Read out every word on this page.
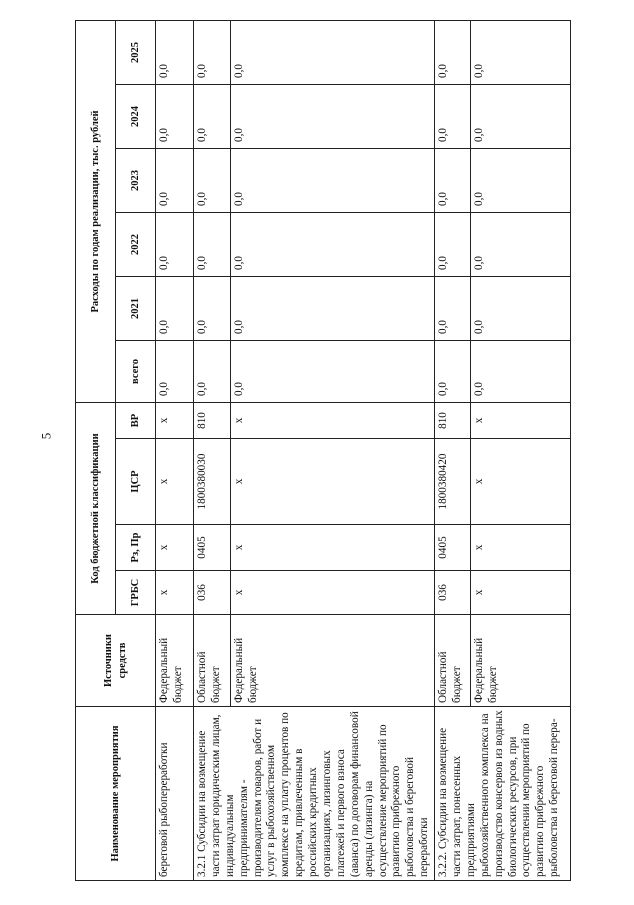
5
Наименование мероприятия	Источники средств	Код бюджетной классификации				Расходы по годам реализации, тыс. рублей					
		ГРБС	Рз, Пр	ЦСР	ВР	всего	2021	2022	2023	2024	2025
береговой рыбопереработки	Федеральный бюджет	х	х	х	х	0,0	0,0	0,0	0,0	0,0	0,0
3.2.1 Субсидии на возмещение части затрат юридическим лицам, индивидуальным предпринимателям - производителям товаров, работ и услуг в рыбохозяйственном комплексе на уплату процентов по кредитам, привлеченным в российских кредитных организациях, лизинговых платежей и первого взноса (аванса) по договорам финансовой аренды (лизинга) на осуществление мероприятий по развитию прибрежного рыболовства и береговой переработки	Областной бюджет	036	0405	1800380030	810	0,0	0,0	0,0	0,0	0,0	0,0
	Федеральный бюджет	х	х	х	х	0,0	0,0	0,0	0,0	0,0	0,0
3.2.2. Субсидии на возмещение части затрат, понесенных предприятиями рыбохозяйственного комплекса на производство консервов из водных биологических ресурсов, при осуществлении мероприятий по развитию прибрежного рыболовства и береговой перера-	Областной бюджет	036	0405	1800380420	810	0,0	0,0	0,0	0,0	0,0	0,0
	Федеральный бюджет	х	х	х	х	0,0	0,0	0,0	0,0	0,0	0,0
